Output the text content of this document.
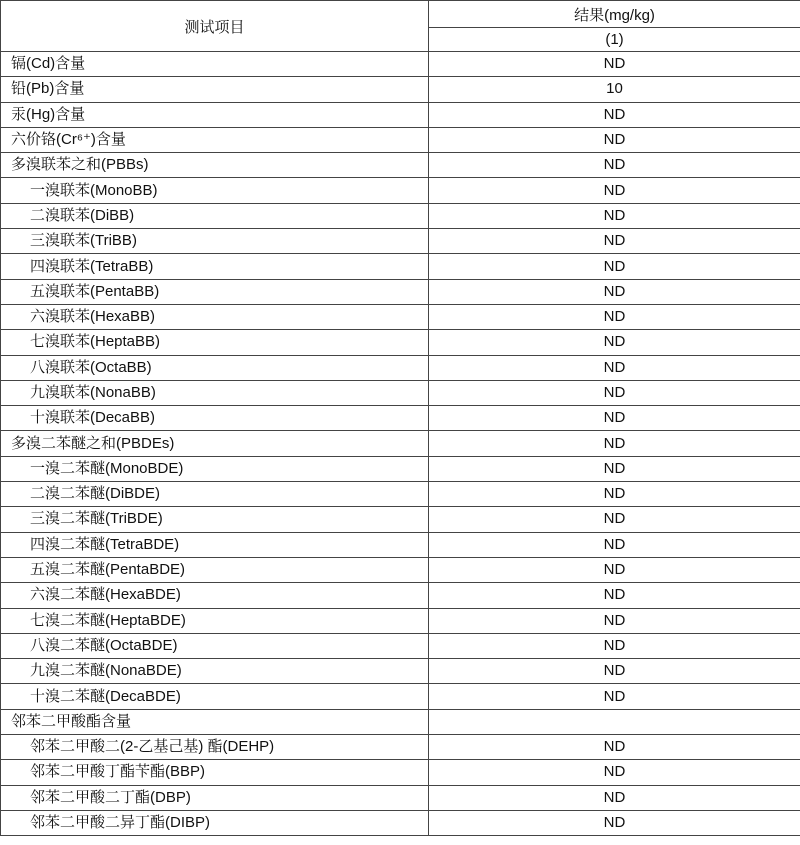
测试项目	结果(mg/kg)
	(1)
镉(Cd)含量	ND
铅(Pb)含量	10
汞(Hg)含量	ND
六价铬(Cr⁶⁺)含量	ND
多溴联苯之和(PBBs)	ND
一溴联苯(MonoBB)	ND
二溴联苯(DiBB)	ND
三溴联苯(TriBB)	ND
四溴联苯(TetraBB)	ND
五溴联苯(PentaBB)	ND
六溴联苯(HexaBB)	ND
七溴联苯(HeptaBB)	ND
八溴联苯(OctaBB)	ND
九溴联苯(NonaBB)	ND
十溴联苯(DecaBB)	ND
多溴二苯醚之和(PBDEs)	ND
一溴二苯醚(MonoBDE)	ND
二溴二苯醚(DiBDE)	ND
三溴二苯醚(TriBDE)	ND
四溴二苯醚(TetraBDE)	ND
五溴二苯醚(PentaBDE)	ND
六溴二苯醚(HexaBDE)	ND
七溴二苯醚(HeptaBDE)	ND
八溴二苯醚(OctaBDE)	ND
九溴二苯醚(NonaBDE)	ND
十溴二苯醚(DecaBDE)	ND
邻苯二甲酸酯含量	
邻苯二甲酸二(2-乙基己基) 酯(DEHP)	ND
邻苯二甲酸丁酯苄酯(BBP)	ND
邻苯二甲酸二丁酯(DBP)	ND
邻苯二甲酸二异丁酯(DIBP)	ND
